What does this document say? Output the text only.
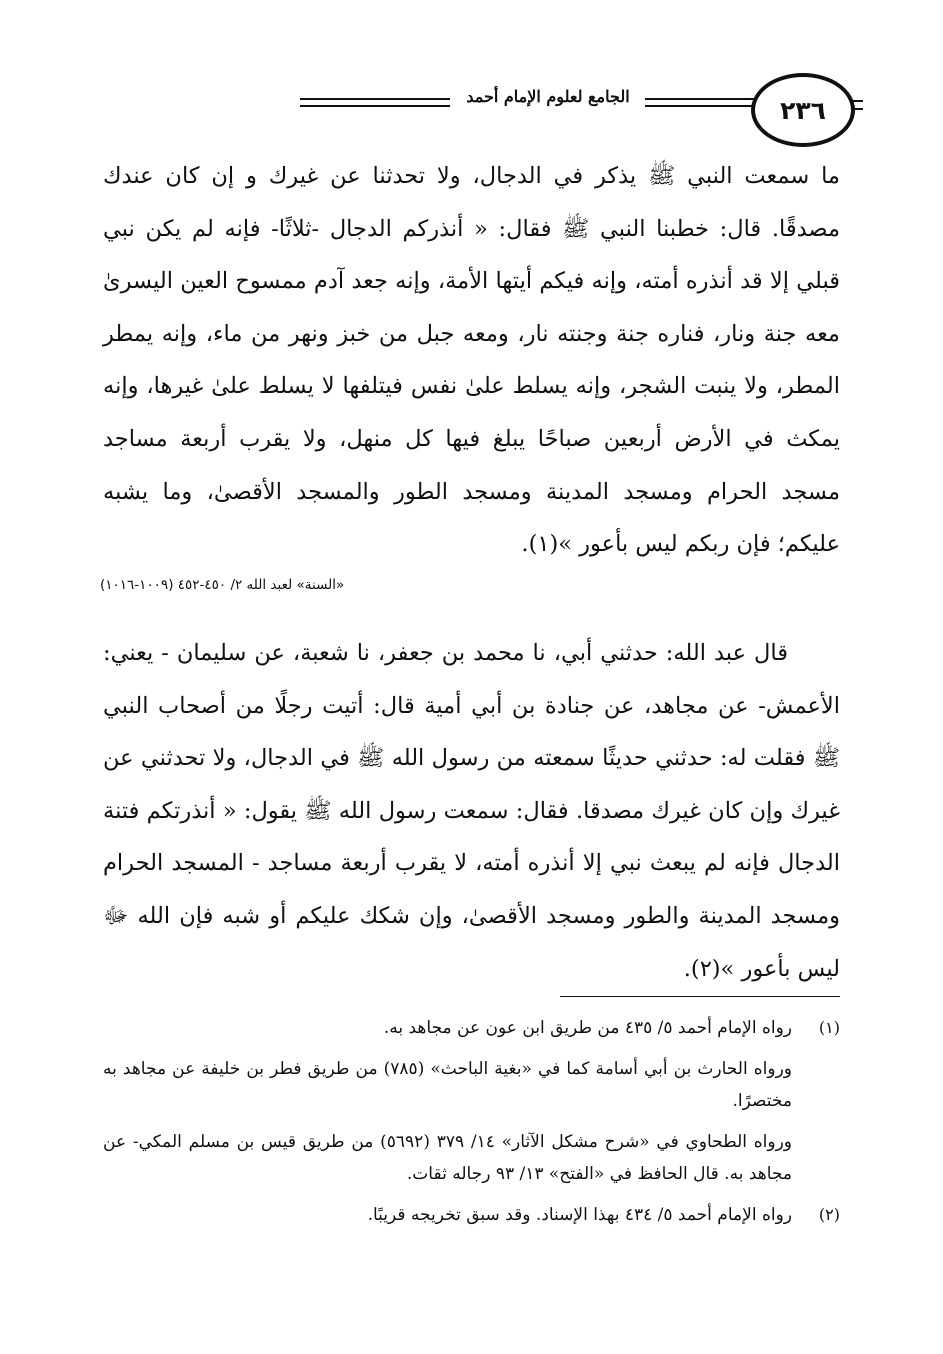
٢٣٦
الجامع لعلوم الإمام أحمد
ما سمعت النبي ﷺ يذكر في الدجال، ولا تحدثنا عن غيرك و إن كان عندك مصدقًا. قال: خطبنا النبي ﷺ فقال: « أنذركم الدجال -ثلاثًا- فإنه لم يكن نبي قبلي إلا قد أنذره أمته، وإنه فيكم أيتها الأمة، وإنه جعد آدم ممسوح العين اليسرىٰ معه جنة ونار، فناره جنة وجنته نار، ومعه جبل من خبز ونهر من ماء، وإنه يمطر المطر، ولا ينبت الشجر، وإنه يسلط علىٰ نفس فيتلفها لا يسلط علىٰ غيرها، وإنه يمكث في الأرض أربعين صباحًا يبلغ فيها كل منهل، ولا يقرب أربعة مساجد مسجد الحرام ومسجد المدينة ومسجد الطور والمسجد الأقصىٰ، وما يشبه عليكم؛ فإن ربكم ليس بأعور »(١).
«السنة» لعبد الله ٢/ ٤٥٠-٤٥٢ (١٠٠٩-١٠١٦)
قال عبد الله: حدثني أبي، نا محمد بن جعفر، نا شعبة، عن سليمان - يعني: الأعمش- عن مجاهد، عن جنادة بن أبي أمية قال: أتيت رجلًا من أصحاب النبي ﷺ فقلت له: حدثني حديثًا سمعته من رسول الله ﷺ في الدجال، ولا تحدثني عن غيرك وإن كان غيرك مصدقا. فقال: سمعت رسول الله ﷺ يقول: « أنذرتكم فتنة الدجال فإنه لم يبعث نبي إلا أنذره أمته، لا يقرب أربعة مساجد - المسجد الحرام ومسجد المدينة والطور ومسجد الأقصىٰ، وإن شكك عليكم أو شبه فإن الله ﷻ ليس بأعور »(٢).
(١)
رواه الإمام أحمد ٥/ ٤٣٥ من طريق ابن عون عن مجاهد به.
ورواه الحارث بن أبي أسامة كما في «بغية الباحث» (٧٨٥) من طريق فطر بن خليفة عن مجاهد به مختصرًا.
ورواه الطحاوي في «شرح مشكل الآثار» ١٤/ ٣٧٩ (٥٦٩٢) من طريق قيس بن مسلم المكي- عن مجاهد به. قال الحافظ في «الفتح» ١٣/ ٩٣ رجاله ثقات.
(٢)
رواه الإمام أحمد ٥/ ٤٣٤ بهذا الإسناد. وقد سبق تخريجه قريبًا.
